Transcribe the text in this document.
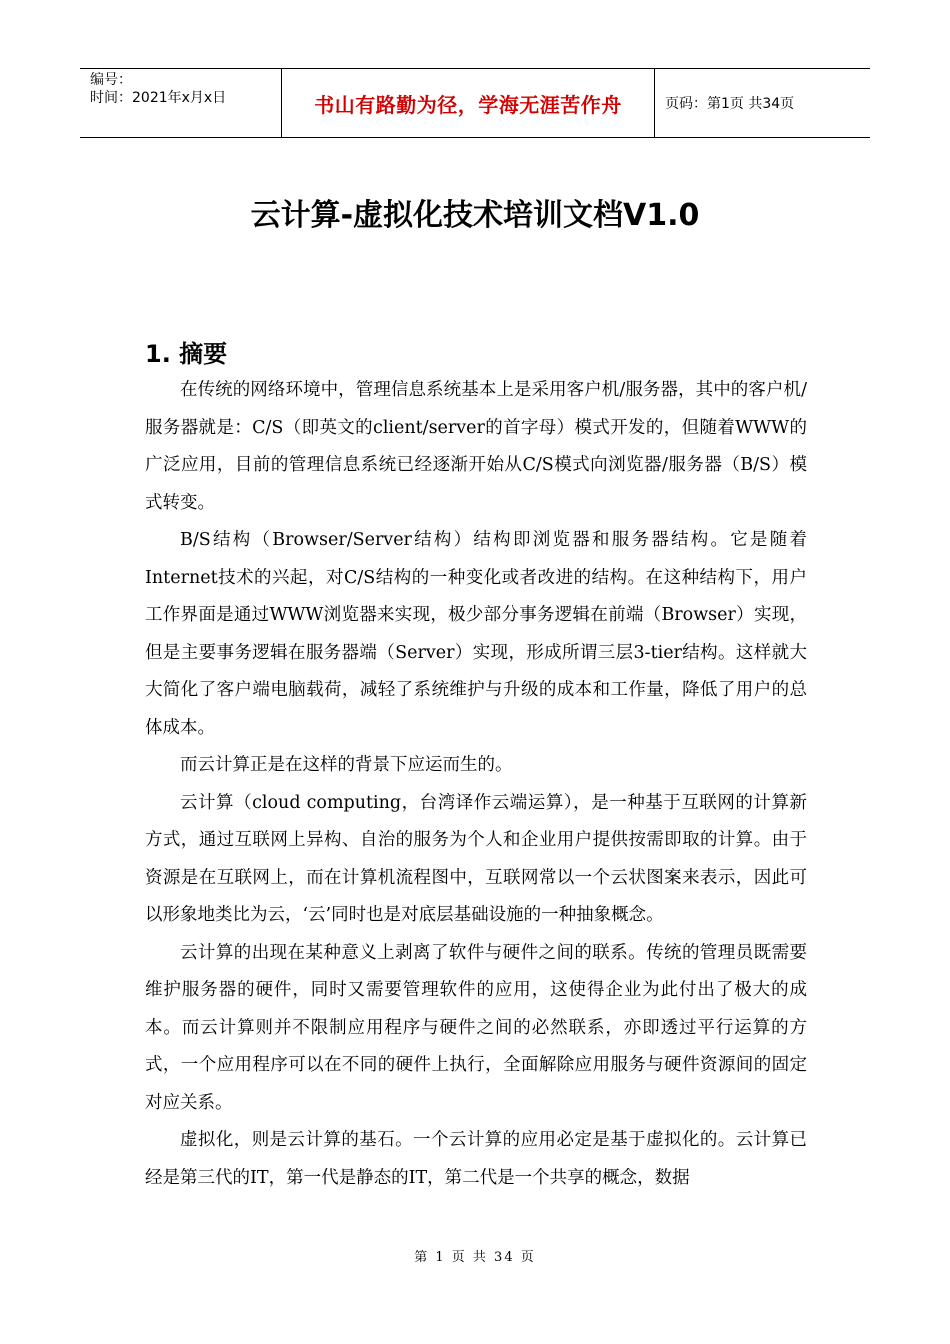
编号：
时间：2021年x月x日	书山有路勤为径，学海无涯苦作舟	页码：第1页 共34页
云计算-虚拟化技术培训文档V1.0
1. 摘要

在传统的网络环境中，管理信息系统基本上是采用客户机/服务器，其中的客户机/服务器就是：C/S（即英文的client/server的首字母）模式开发的，但随着WWW的广泛应用，目前的管理信息系统已经逐渐开始从C/S模式向浏览器/服务器（B/S）模式转变。

B/S结构（Browser/Server结构）结构即浏览器和服务器结构。它是随着Internet技术的兴起，对C/S结构的一种变化或者改进的结构。在这种结构下，用户工作界面是通过WWW浏览器来实现，极少部分事务逻辑在前端（Browser）实现，但是主要事务逻辑在服务器端（Server）实现，形成所谓三层3-tier结构。这样就大大简化了客户端电脑载荷，减轻了系统维护与升级的成本和工作量，降低了用户的总体成本。

而云计算正是在这样的背景下应运而生的。

云计算（cloud computing，台湾译作云端运算），是一种基于互联网的计算新方式，通过互联网上异构、自治的服务为个人和企业用户提供按需即取的计算。由于资源是在互联网上，而在计算机流程图中，互联网常以一个云状图案来表示，因此可以形象地类比为云，‘云’同时也是对底层基础设施的一种抽象概念。

云计算的出现在某种意义上剥离了软件与硬件之间的联系。传统的管理员既需要维护服务器的硬件，同时又需要管理软件的应用，这使得企业为此付出了极大的成本。而云计算则并不限制应用程序与硬件之间的必然联系，亦即透过平行运算的方式，一个应用程序可以在不同的硬件上执行，全面解除应用服务与硬件资源间的固定对应关系。

虚拟化，则是云计算的基石。一个云计算的应用必定是基于虚拟化的。云计算已经是第三代的IT，第一代是静态的IT，第二代是一个共享的概念，数据

第 1 页 共 34 页
